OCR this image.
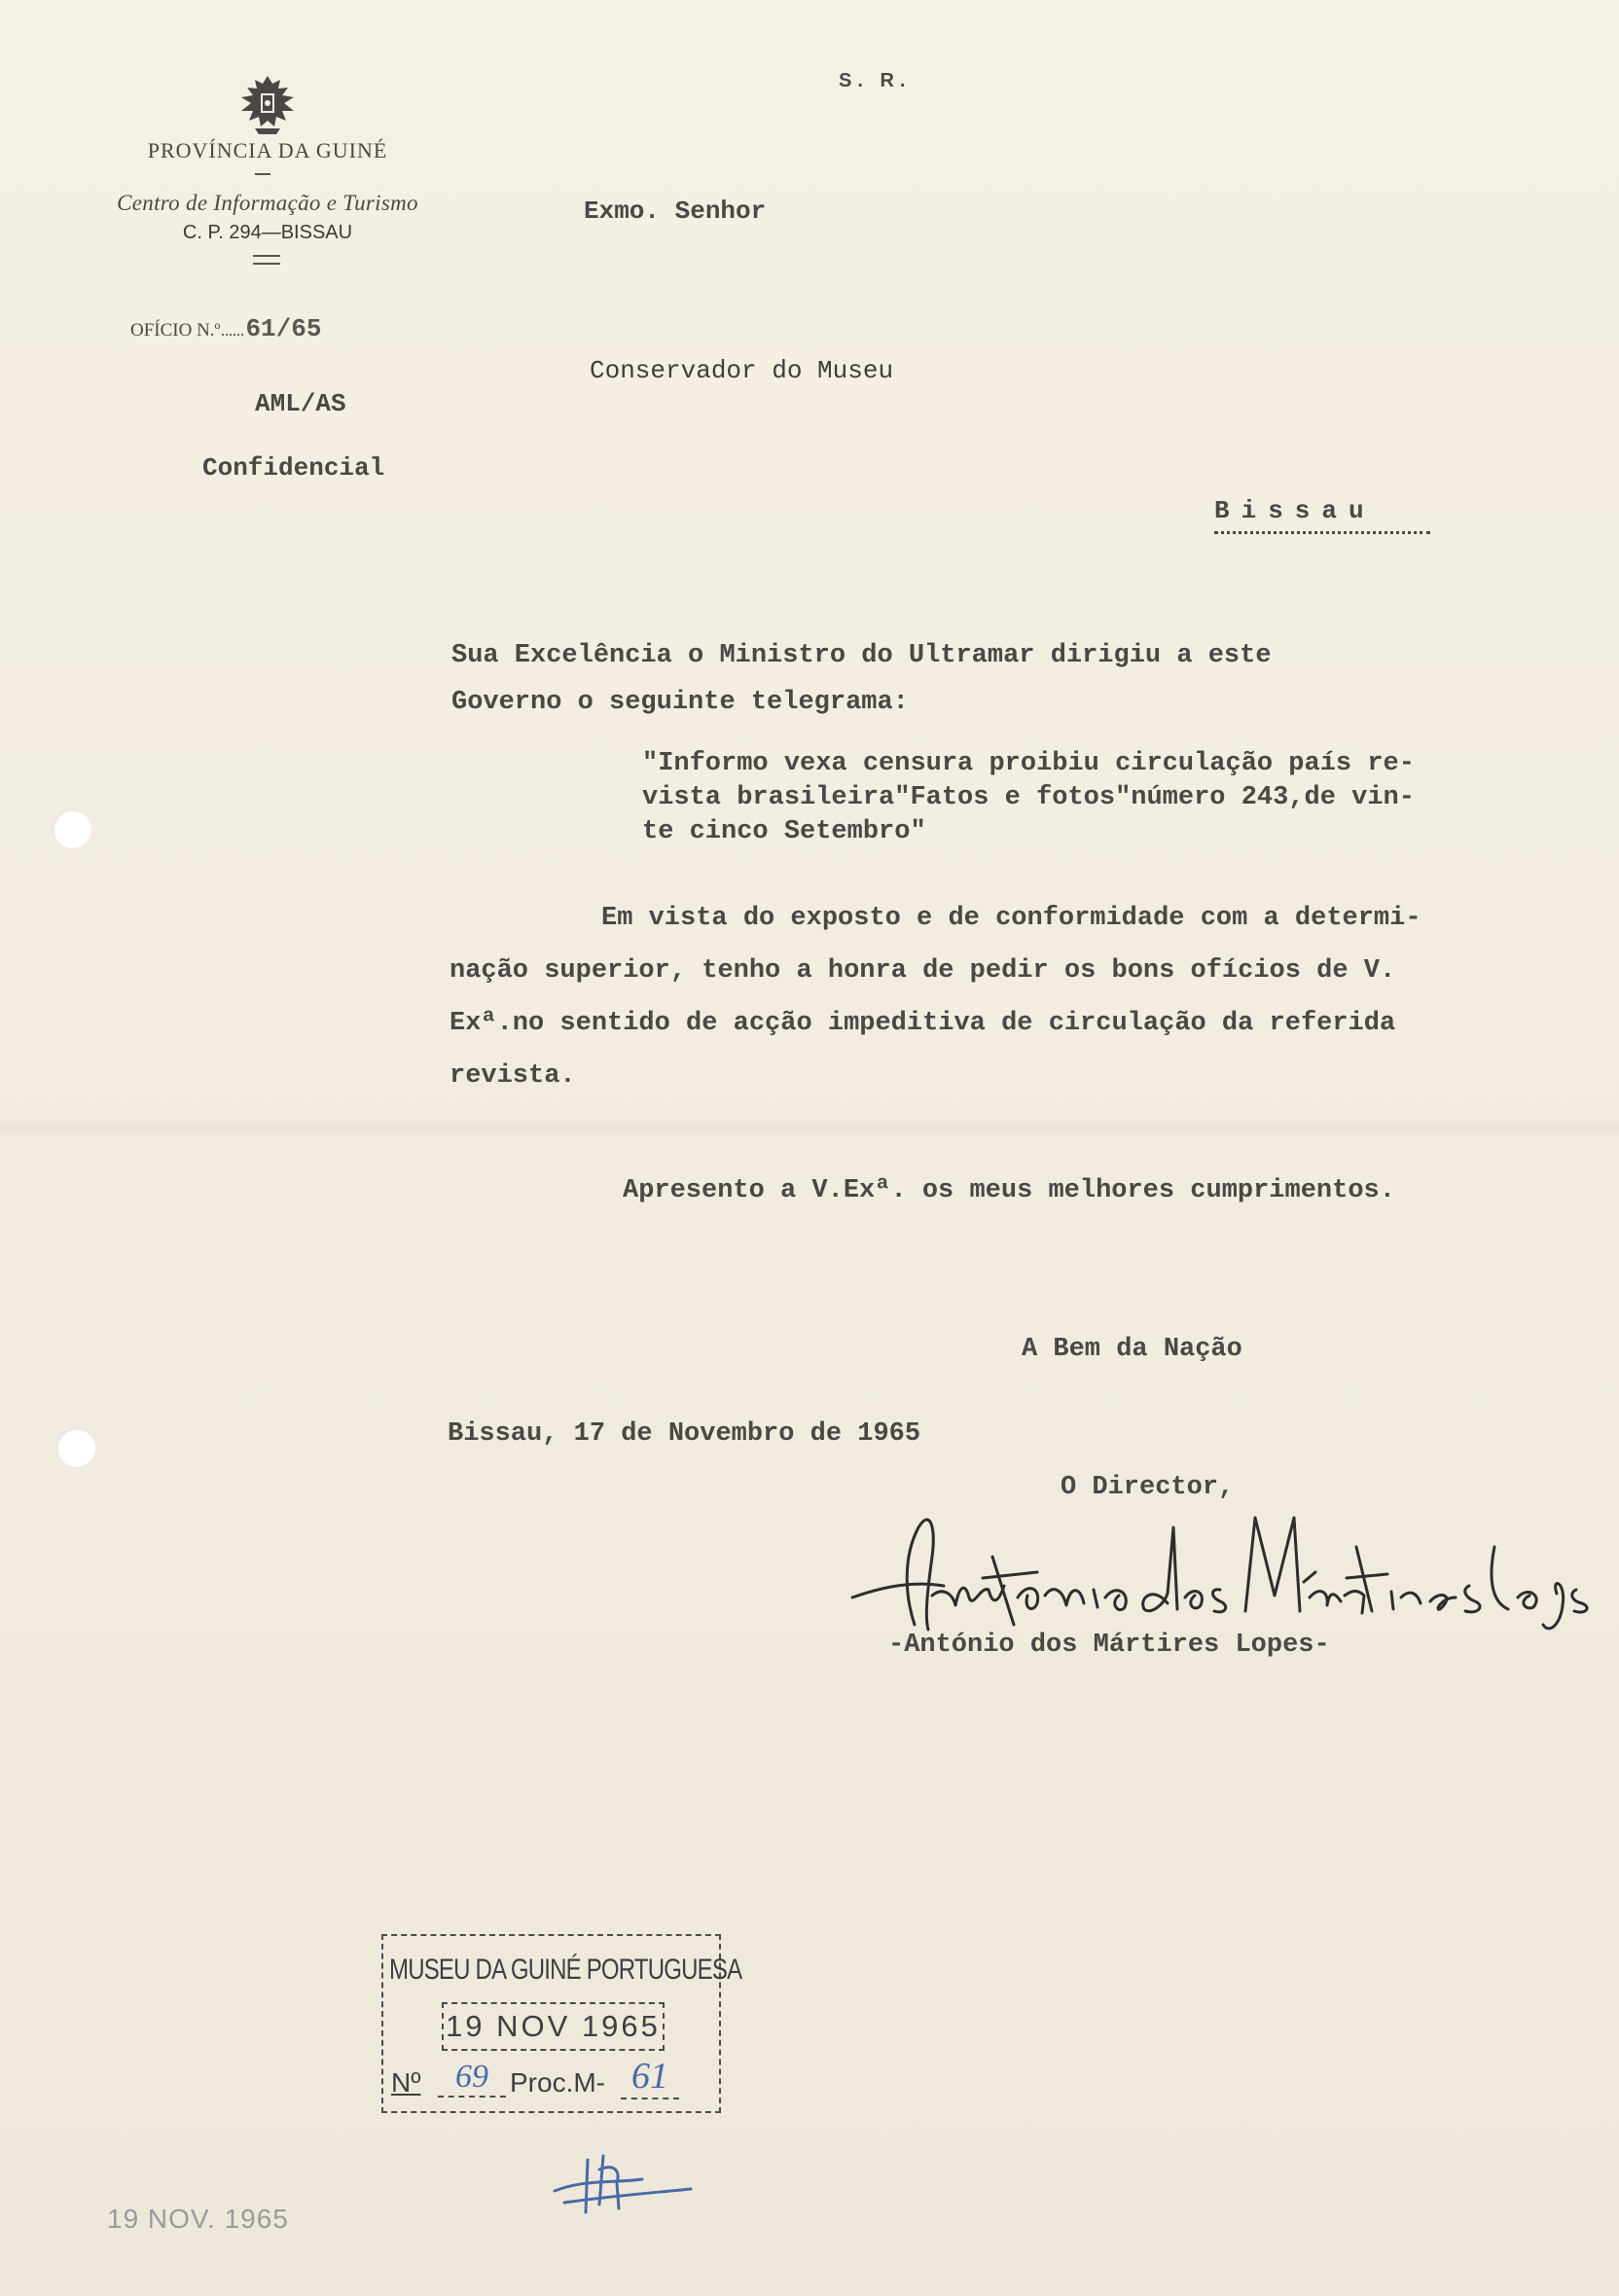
PROVÍNCIA DA GUINÉ

Centro de Informação e Turismo

C. P. 294—BISSAU

OFÍCIO N.º 61/65

AML/AS

Confidencial

S. R.

Exmo. Senhor

Conservador do Museu

Bissau

Sua Excelência o Ministro do Ultramar dirigiu a este

Governo o seguinte telegrama:

"Informo vexa censura proibiu circulação país re-
vista brasileira"Fatos e fotos"número 243,de vin-
te cinco Setembro"
Em vista do exposto e de conformidade com a determi-
nação superior, tenho a honra de pedir os bons ofícios de V.
Exª.no sentido de acção impeditiva de circulação da referida
revista.

Apresento a V.Exª. os meus melhores cumprimentos.

A Bem da Nação

Bissau, 17 de Novembro de 1965

O Director,

-António dos Mártires Lopes-

MUSEU DA GUINÉ PORTUGUESA
19 NOV 1965
Nº	69 Proc.M- 61

19 NOV. 1965
